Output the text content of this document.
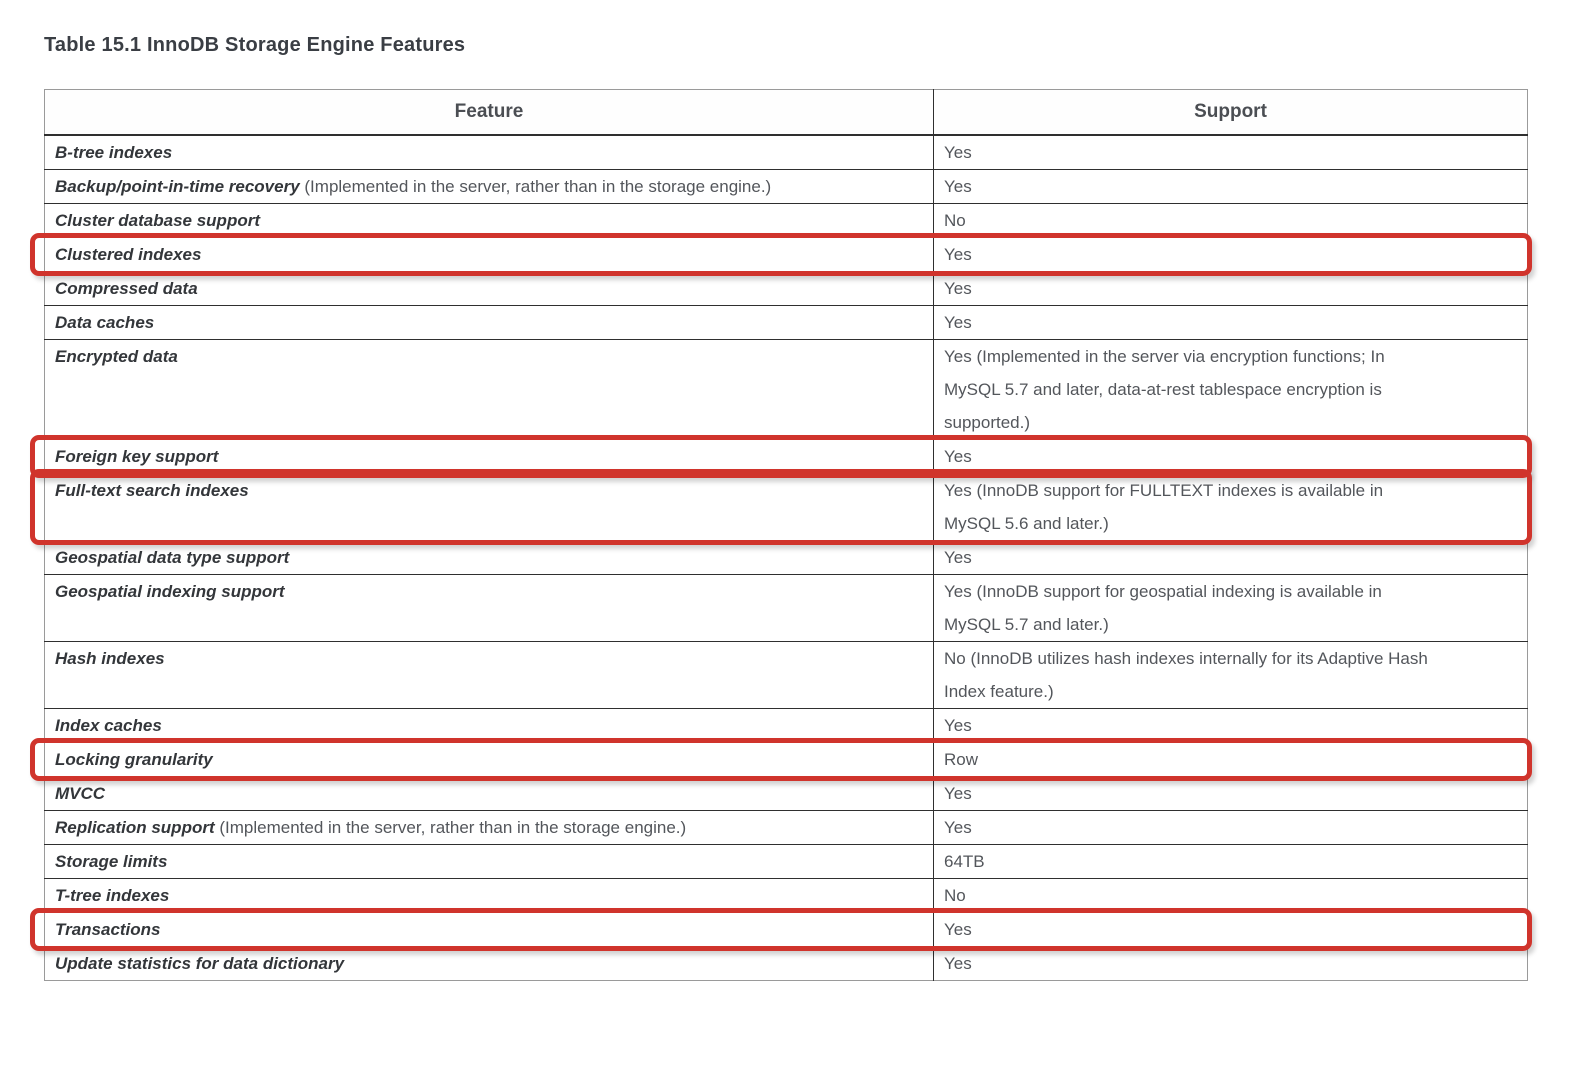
Table 15.1 InnoDB Storage Engine Features
Feature	Support
B-tree indexes	Yes
Backup/point-in-time recovery (Implemented in the server, rather than in the storage engine.)	Yes
Cluster database support	No
Clustered indexes	Yes
Compressed data	Yes
Data caches	Yes
Encrypted data	Yes (Implemented in the server via encryption functions; In MySQL 5.7 and later, data-at-rest tablespace encryption is supported.)
Foreign key support	Yes
Full-text search indexes	Yes (InnoDB support for FULLTEXT indexes is available in MySQL 5.6 and later.)
Geospatial data type support	Yes
Geospatial indexing support	Yes (InnoDB support for geospatial indexing is available in MySQL 5.7 and later.)
Hash indexes	No (InnoDB utilizes hash indexes internally for its Adaptive Hash Index feature.)
Index caches	Yes
Locking granularity	Row
MVCC	Yes
Replication support (Implemented in the server, rather than in the storage engine.)	Yes
Storage limits	64TB
T-tree indexes	No
Transactions	Yes
Update statistics for data dictionary	Yes
